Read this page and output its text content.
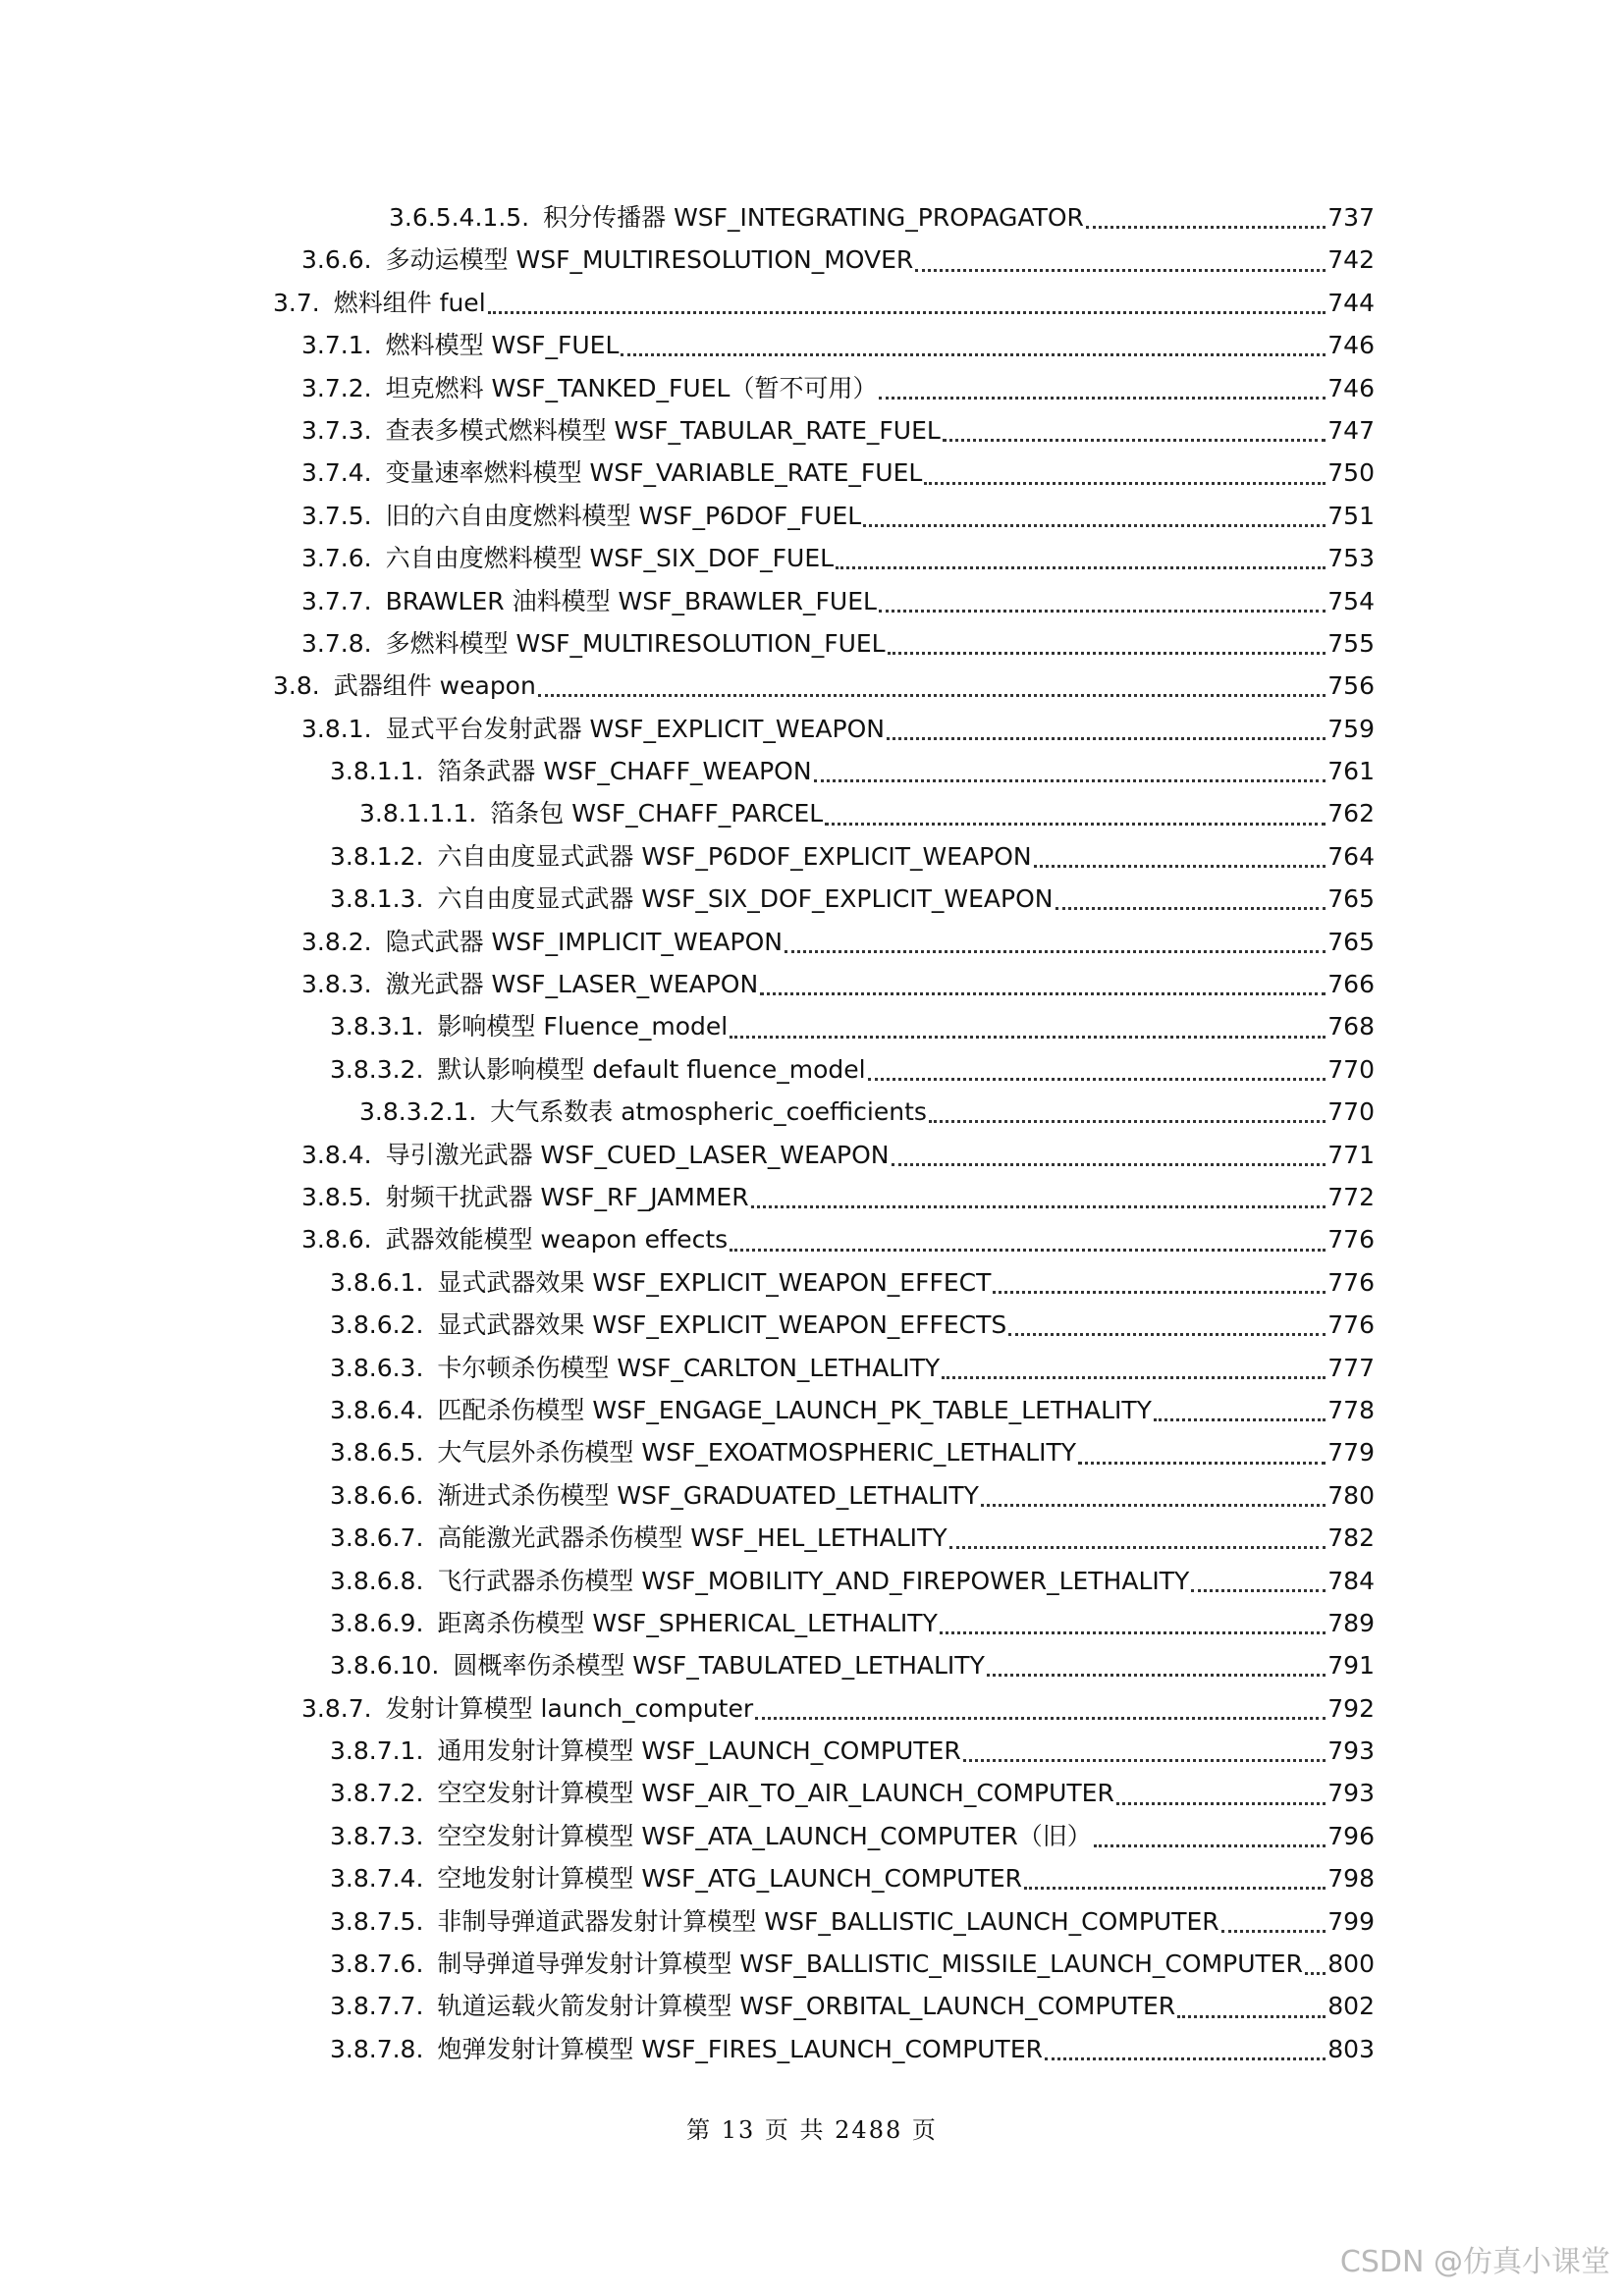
3.6.5.4.1.5. 积分传播器 WSF_INTEGRATING_PROPAGATOR	737
3.6.6. 多动运模型 WSF_MULTIRESOLUTION_MOVER	742
3.7. 燃料组件 fuel	744
3.7.1. 燃料模型 WSF_FUEL	746
3.7.2. 坦克燃料 WSF_TANKED_FUEL（暂不可用）	746
3.7.3. 查表多模式燃料模型 WSF_TABULAR_RATE_FUEL	747
3.7.4. 变量速率燃料模型 WSF_VARIABLE_RATE_FUEL	750
3.7.5. 旧的六自由度燃料模型 WSF_P6DOF_FUEL	751
3.7.6. 六自由度燃料模型 WSF_SIX_DOF_FUEL	753
3.7.7. BRAWLER 油料模型 WSF_BRAWLER_FUEL	754
3.7.8. 多燃料模型 WSF_MULTIRESOLUTION_FUEL	755
3.8. 武器组件 weapon	756
3.8.1. 显式平台发射武器 WSF_EXPLICIT_WEAPON	759
3.8.1.1. 箔条武器 WSF_CHAFF_WEAPON	761
3.8.1.1.1. 箔条包 WSF_CHAFF_PARCEL	762
3.8.1.2. 六自由度显式武器 WSF_P6DOF_EXPLICIT_WEAPON	764
3.8.1.3. 六自由度显式武器 WSF_SIX_DOF_EXPLICIT_WEAPON	765
3.8.2. 隐式武器 WSF_IMPLICIT_WEAPON	765
3.8.3. 激光武器 WSF_LASER_WEAPON	766
3.8.3.1. 影响模型 Fluence_model	768
3.8.3.2. 默认影响模型 default fluence_model	770
3.8.3.2.1. 大气系数表 atmospheric_coefficients	770
3.8.4. 导引激光武器 WSF_CUED_LASER_WEAPON	771
3.8.5. 射频干扰武器 WSF_RF_JAMMER	772
3.8.6. 武器效能模型 weapon effects	776
3.8.6.1. 显式武器效果 WSF_EXPLICIT_WEAPON_EFFECT	776
3.8.6.2. 显式武器效果 WSF_EXPLICIT_WEAPON_EFFECTS	776
3.8.6.3. 卡尔顿杀伤模型 WSF_CARLTON_LETHALITY	777
3.8.6.4. 匹配杀伤模型 WSF_ENGAGE_LAUNCH_PK_TABLE_LETHALITY	778
3.8.6.5. 大气层外杀伤模型 WSF_EXOATMOSPHERIC_LETHALITY	779
3.8.6.6. 渐进式杀伤模型 WSF_GRADUATED_LETHALITY	780
3.8.6.7. 高能激光武器杀伤模型 WSF_HEL_LETHALITY	782
3.8.6.8. 飞行武器杀伤模型 WSF_MOBILITY_AND_FIREPOWER_LETHALITY	784
3.8.6.9. 距离杀伤模型 WSF_SPHERICAL_LETHALITY	789
3.8.6.10. 圆概率伤杀模型 WSF_TABULATED_LETHALITY	791
3.8.7. 发射计算模型 launch_computer	792
3.8.7.1. 通用发射计算模型 WSF_LAUNCH_COMPUTER	793
3.8.7.2. 空空发射计算模型 WSF_AIR_TO_AIR_LAUNCH_COMPUTER	793
3.8.7.3. 空空发射计算模型 WSF_ATA_LAUNCH_COMPUTER（旧）	796
3.8.7.4. 空地发射计算模型 WSF_ATG_LAUNCH_COMPUTER	798
3.8.7.5. 非制导弹道武器发射计算模型 WSF_BALLISTIC_LAUNCH_COMPUTER	799
3.8.7.6. 制导弹道导弹发射计算模型 WSF_BALLISTIC_MISSILE_LAUNCH_COMPUTER 800
3.8.7.7. 轨道运载火箭发射计算模型 WSF_ORBITAL_LAUNCH_COMPUTER	802
3.8.7.8. 炮弹发射计算模型 WSF_FIRES_LAUNCH_COMPUTER	803
第 13 页 共 2488 页
CSDN @仿真小课堂
